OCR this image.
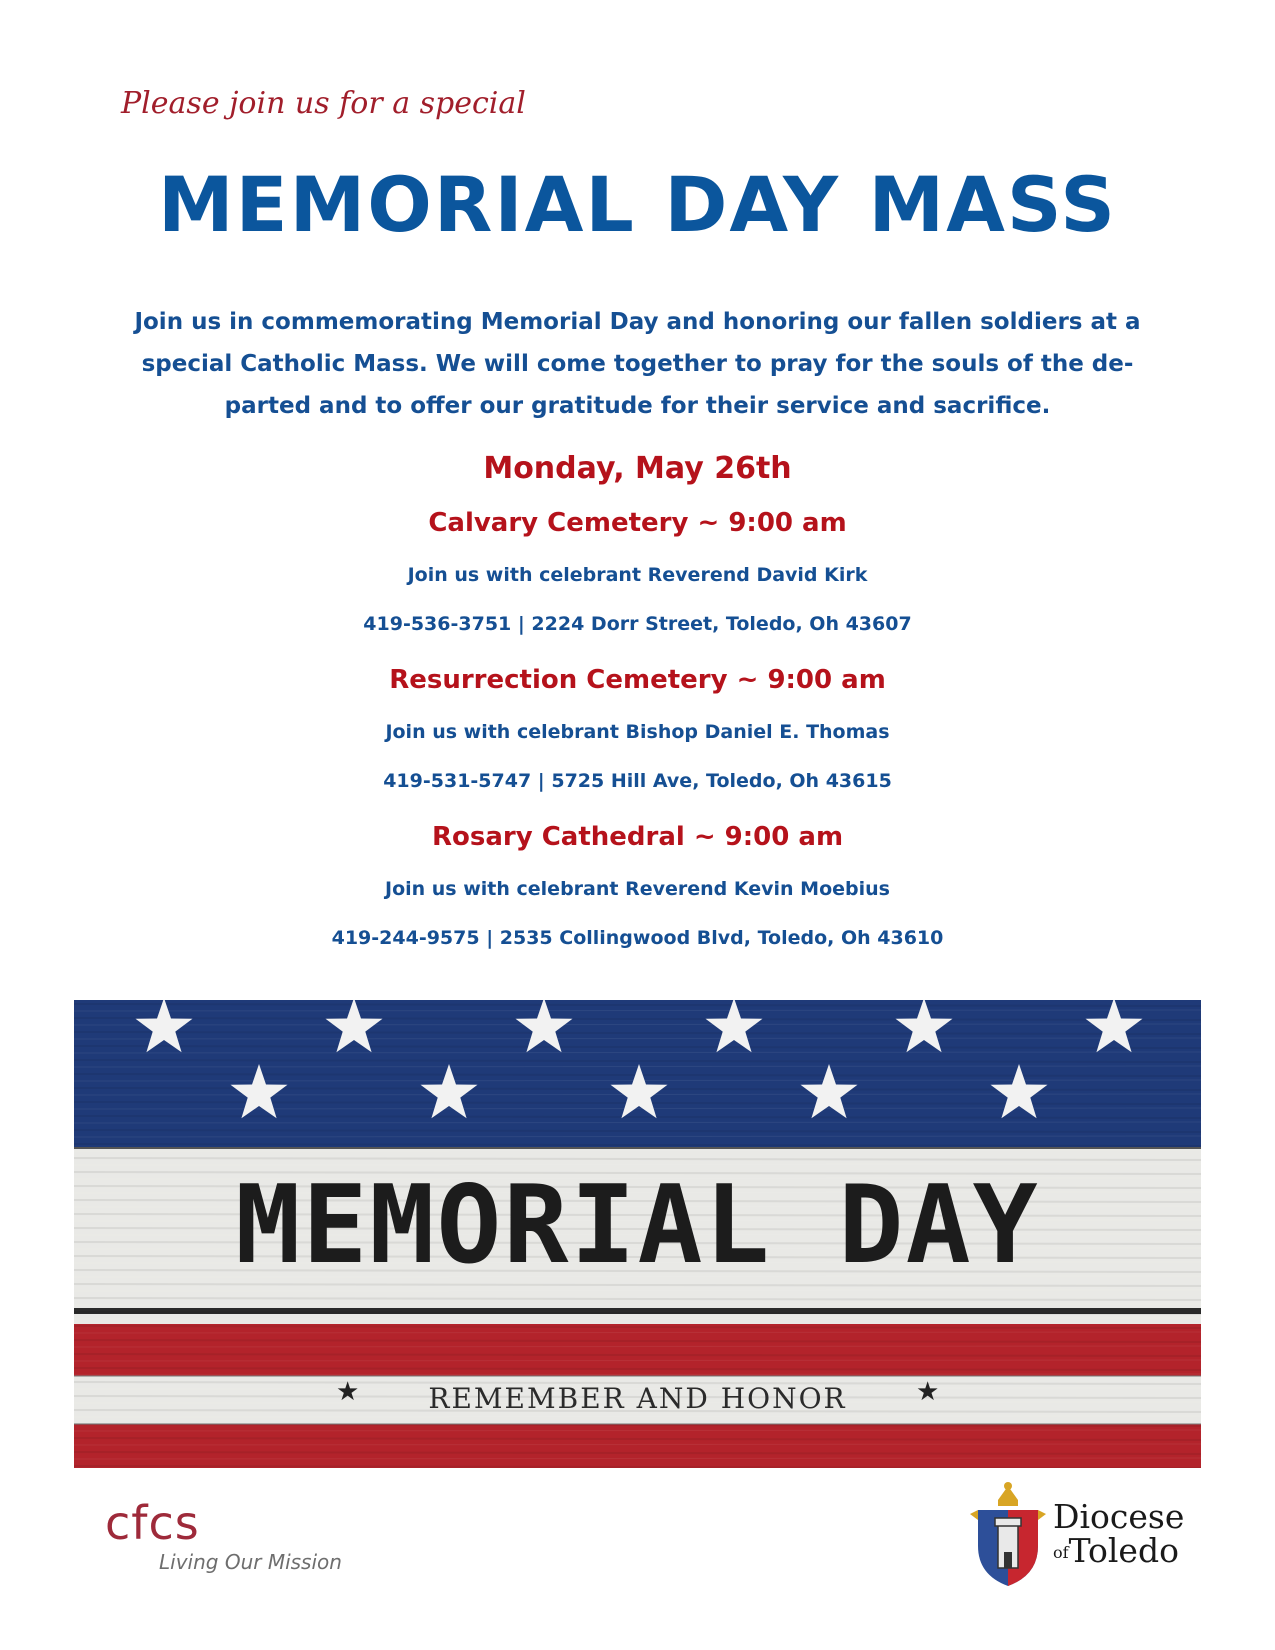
Please join us for a special
MEMORIAL DAY MASS
Join us in commemorating Memorial Day and honoring our fallen soldiers at a
special Catholic Mass. We will come together to pray for the souls of the de-
parted and to offer our gratitude for their service and sacrifice.
Monday, May 26th
Calvary Cemetery ~ 9:00 am
Join us with celebrant Reverend David Kirk
419-536-3751 | 2224 Dorr Street, Toledo, Oh 43607
Resurrection Cemetery ~ 9:00 am
Join us with celebrant Bishop Daniel E. Thomas
419-531-5747 | 5725 Hill Ave, Toledo, Oh 43615
Rosary Cathedral ~ 9:00 am
Join us with celebrant Reverend Kevin Moebius
419-244-9575 | 2535 Collingwood Blvd, Toledo, Oh 43610
★	★
MEMORIAL DAY
REMEMBER AND HONOR
cfcs
Living Our Mission
Diocese
ofToledo
